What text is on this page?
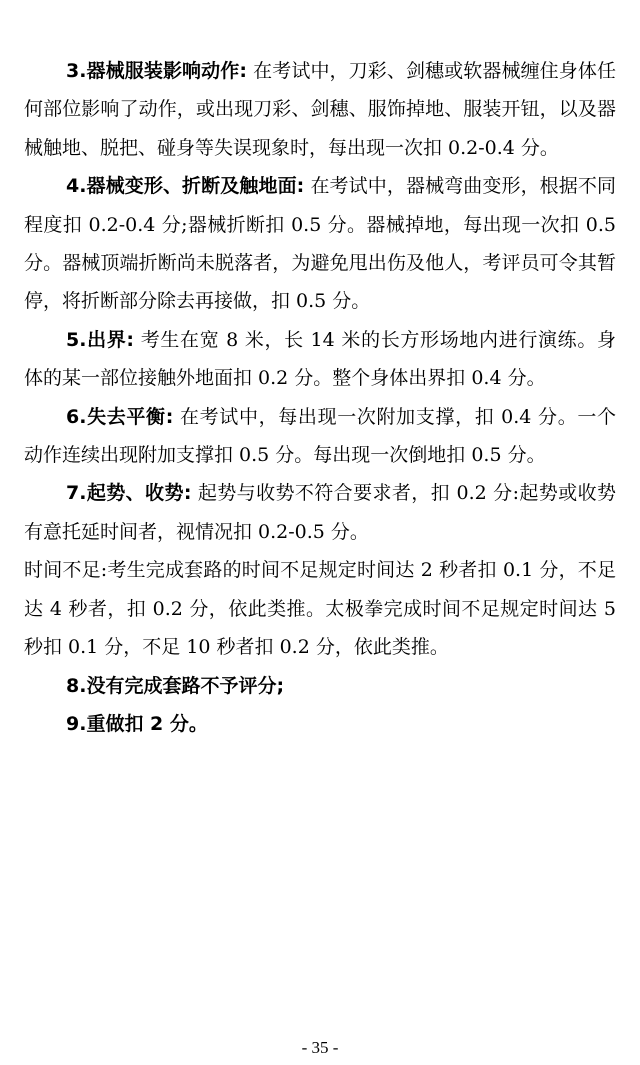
3.器械服装影响动作: 在考试中，刀彩、剑穗或软器械缠住身体任何部位影响了动作，或出现刀彩、剑穗、服饰掉地、服装开钮，以及器械触地、脱把、碰身等失误现象时，每出现一次扣 0.2-0.4 分。

4.器械变形、折断及触地面: 在考试中，器械弯曲变形，根据不同程度扣 0.2-0.4 分;器械折断扣 0.5 分。器械掉地，每出现一次扣 0.5 分。器械顶端折断尚未脱落者，为避免甩出伤及他人，考评员可令其暂停，将折断部分除去再接做，扣 0.5 分。

5.出界: 考生在宽 8 米，长 14 米的长方形场地内进行演练。身体的某一部位接触外地面扣 0.2 分。整个身体出界扣 0.4 分。

6.失去平衡: 在考试中，每出现一次附加支撑，扣 0.4 分。一个动作连续出现附加支撑扣 0.5 分。每出现一次倒地扣 0.5 分。

7.起势、收势: 起势与收势不符合要求者，扣 0.2 分:起势或收势有意托延时间者，视情况扣 0.2-0.5 分。

时间不足:考生完成套路的时间不足规定时间达 2 秒者扣 0.1 分，不足达 4 秒者，扣 0.2 分，依此类推。太极拳完成时间不足规定时间达 5 秒扣 0.1 分，不足 10 秒者扣 0.2 分，依此类推。

8.没有完成套路不予评分;

9.重做扣 2 分。

- 35 -
